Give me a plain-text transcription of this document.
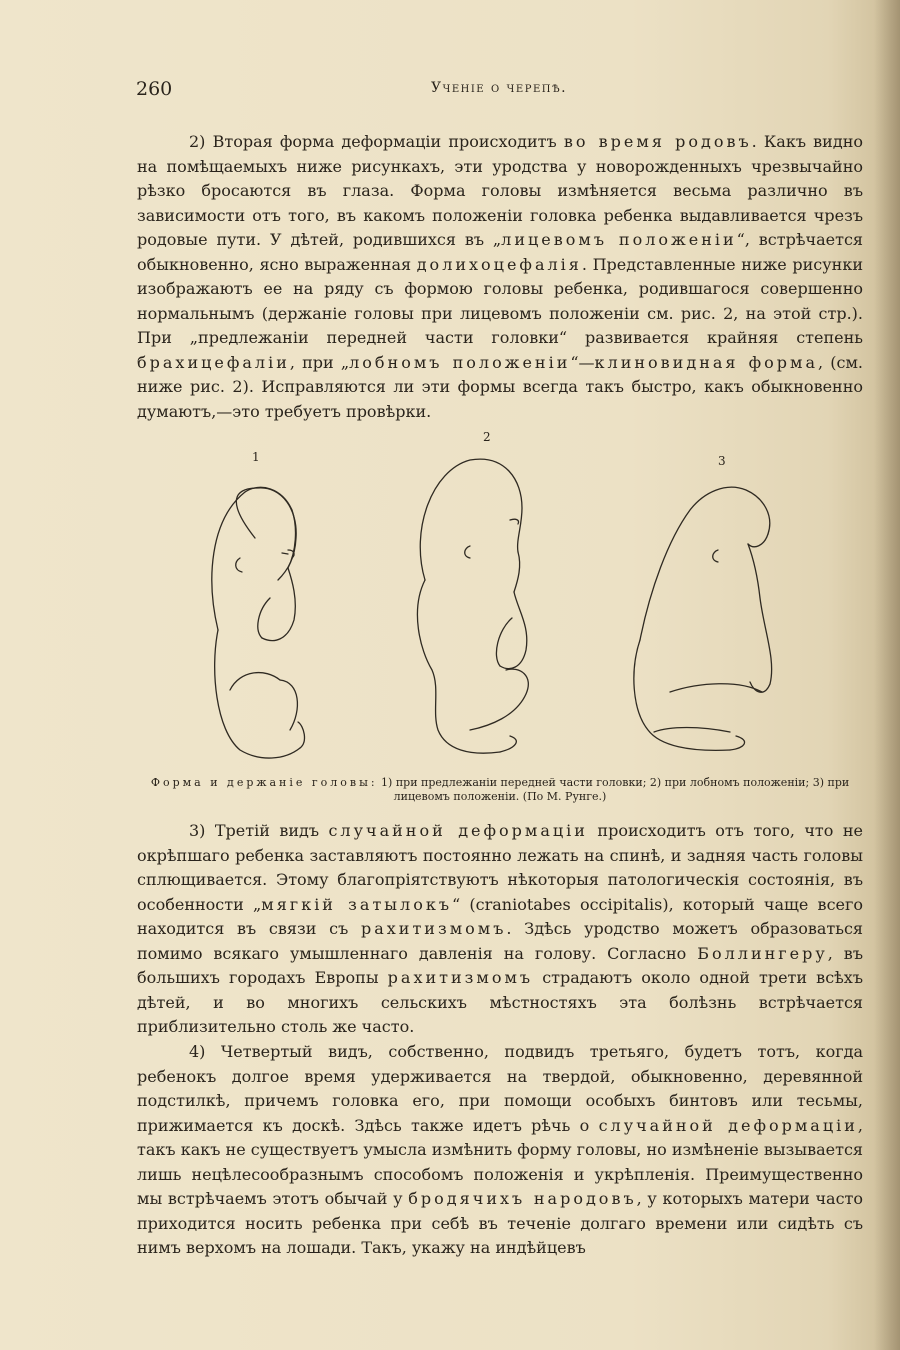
260	Ученіе о черепѣ.

2) Вторая форма деформаціи происходитъ во время родовъ. Какъ видно на помѣщаемыхъ ниже рисункахъ, эти уродства у новорожденныхъ чрезвычайно рѣзко бросаются въ глаза. Форма головы измѣняется весьма различно въ зависимости отъ того, въ какомъ положеніи головка ребенка выдавливается чрезъ родовые пути. У дѣтей, родившихся въ „лицевомъ положеніи“, встрѣчается обыкновенно, ясно выраженная долихоцефалія. Представленные ниже рисунки изображаютъ ее на ряду съ формою головы ребенка, родившагося совершенно нормальнымъ (держаніе головы при лицевомъ положеніи см. рис. 2, на этой стр.). При „предлежаніи передней части головки“ развивается крайняя степень брахицефаліи, при „лобномъ положеніи“—клиновидная форма, (см. ниже рис. 2). Исправляются ли эти формы всегда такъ быстро, какъ обыкновенно думаютъ,—это требуетъ провѣрки.

1
2
3
Форма и держаніе головы: 1) при предлежаніи передней части головки; 2) при лобномъ положеніи; 3) при лицевомъ положеніи. (По М. Рунге.)

3) Третій видъ случайной деформаціи происходитъ отъ того, что не окрѣпшаго ребенка заставляютъ постоянно лежать на спинѣ, и задняя часть головы сплющивается. Этому благопріятствуютъ нѣкоторыя патологическія состоянія, въ особенности „мягкій затылокъ“ (craniotabes occipitalis), который чаще всего находится въ связи съ рахитизмомъ. Здѣсь уродство можетъ образоваться помимо всякаго умышленнаго давленія на голову. Согласно Боллингеру, въ большихъ городахъ Европы рахитизмомъ страдаютъ около одной трети всѣхъ дѣтей, и во многихъ сельскихъ мѣстностяхъ эта болѣзнь встрѣчается приблизительно столь же часто.

4) Четвертый видъ, собственно, подвидъ третьяго, будетъ тотъ, когда ребенокъ долгое время удерживается на твердой, обыкновенно, деревянной подстилкѣ, причемъ головка его, при помощи особыхъ бинтовъ или тесьмы, прижимается къ доскѣ. Здѣсь также идетъ рѣчь о случайной деформаціи, такъ какъ не существуетъ умысла измѣнить форму головы, но измѣненіе вызывается лишь нецѣлесообразнымъ способомъ положенія и укрѣпленія. Преимущественно мы встрѣчаемъ этотъ обычай у бродячихъ народовъ, у которыхъ матери часто приходится носить ребенка при себѣ въ теченіе долгаго времени или сидѣть съ нимъ верхомъ на лошади. Такъ, укажу на индѣйцевъ
